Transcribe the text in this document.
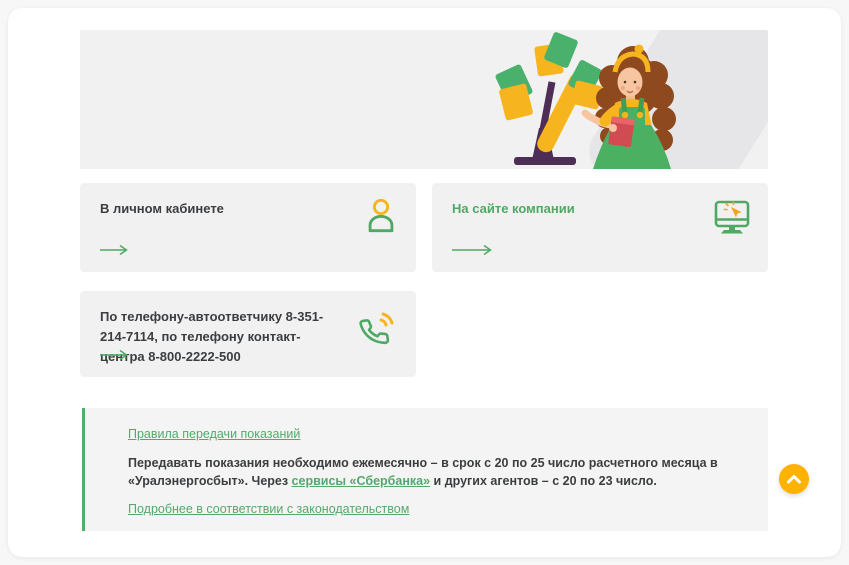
В личном кабинете	На сайте компании
По телефону-автоответчику 8-351-214-7114, по телефону контакт-центра 8-800-2222-500
Правила передачи показаний

Передавать показания необходимо ежемесячно – в срок с 20 по 25 число расчетного месяца в «Уралэнергосбыт». Через сервисы «Сбербанка» и других агентов – с 20 по 23 число.

Подробнее в соответствии с законодательством
